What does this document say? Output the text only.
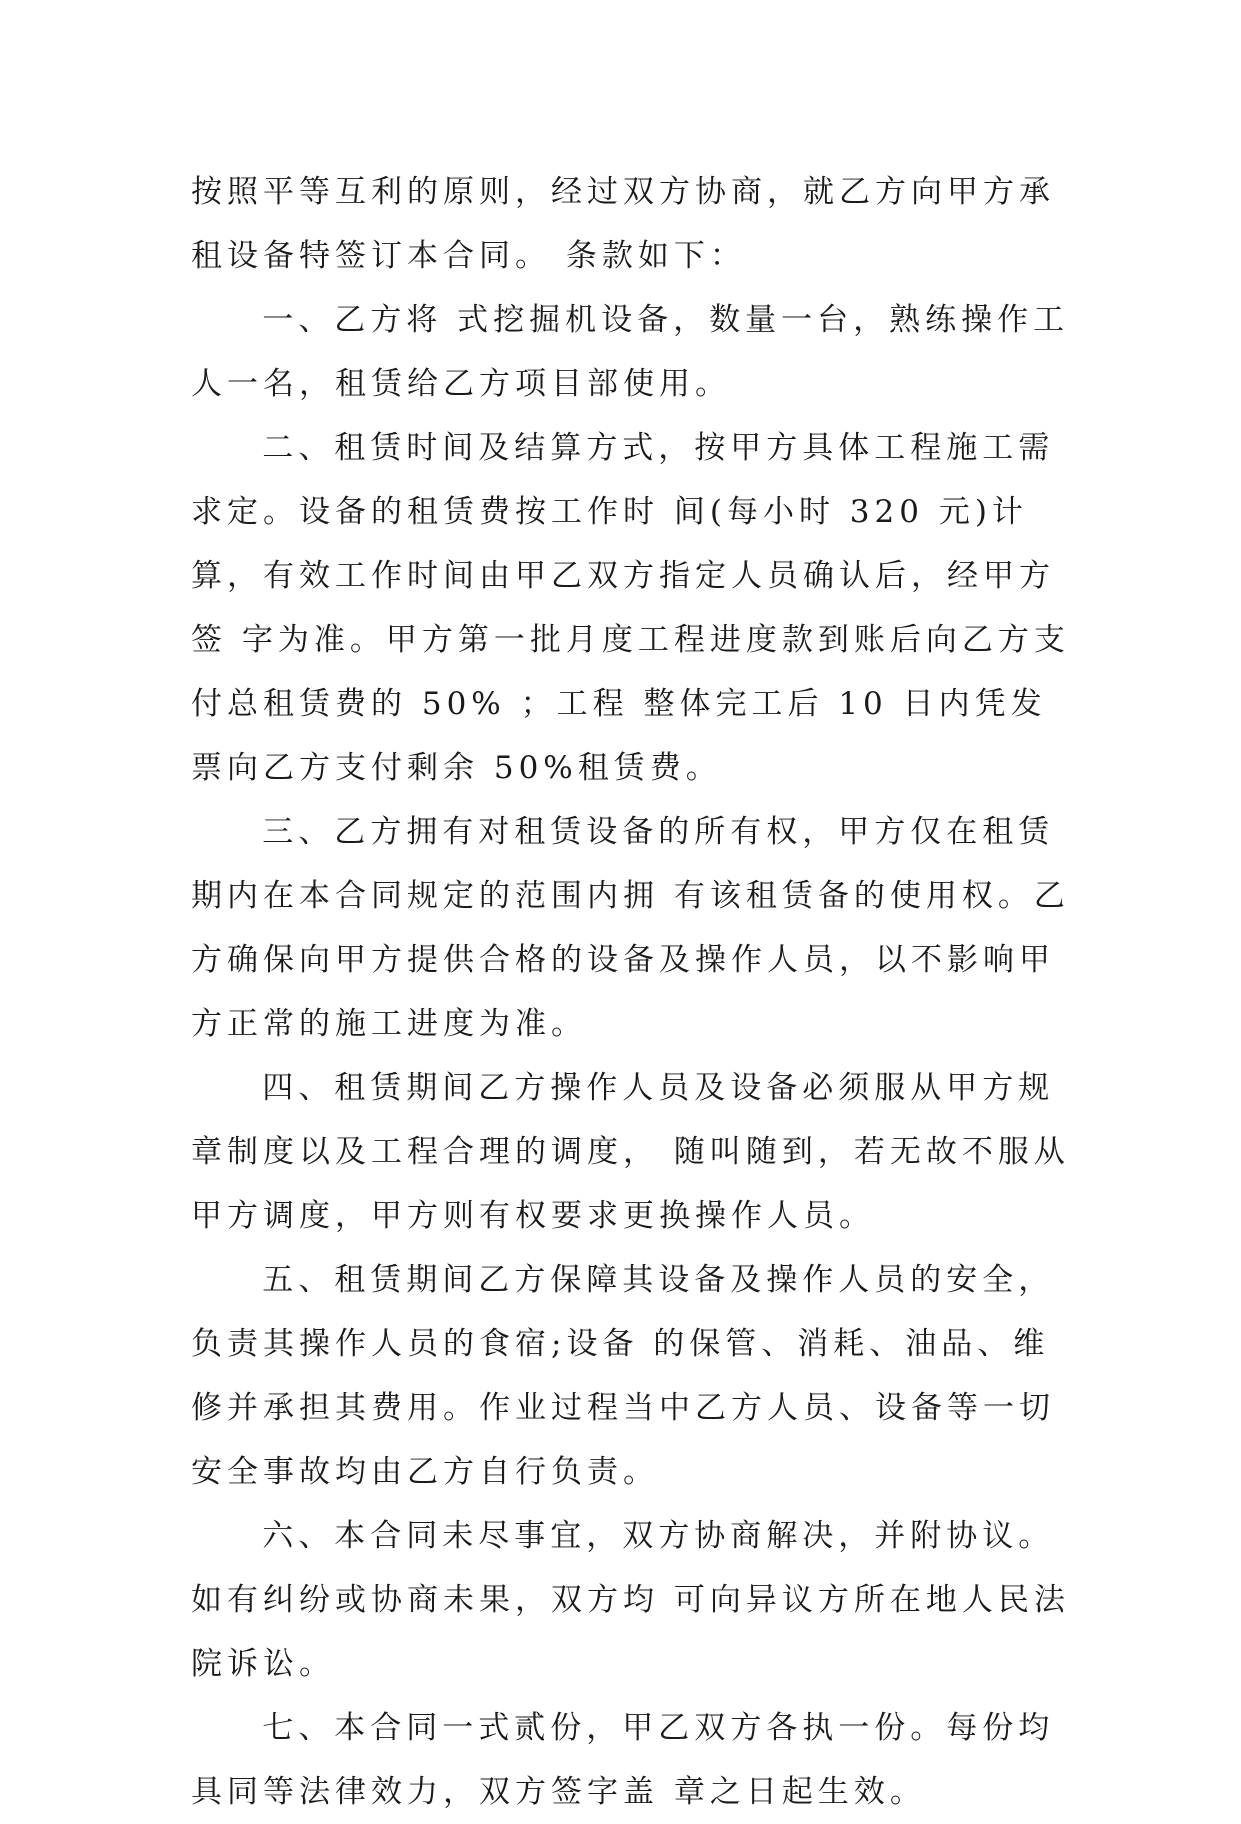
按照平等互利的原则，经过双方协商，就乙方向甲方承租设备特签订本合同。 条款如下：

一、乙方将 式挖掘机设备，数量一台，熟练操作工人一名，租赁给乙方项目部使用。

二、租赁时间及结算方式，按甲方具体工程施工需求定。设备的租赁费按工作时 间(每小时 320 元)计算，有效工作时间由甲乙双方指定人员确认后，经甲方签 字为准。甲方第一批月度工程进度款到账后向乙方支付总租赁费的 50% ；工程 整体完工后 10 日内凭发票向乙方支付剩余 50%租赁费。

三、乙方拥有对租赁设备的所有权，甲方仅在租赁期内在本合同规定的范围内拥 有该租赁备的使用权。乙方确保向甲方提供合格的设备及操作人员，以不影响甲 方正常的施工进度为准。

四、租赁期间乙方操作人员及设备必须服从甲方规章制度以及工程合理的调度， 随叫随到，若无故不服从甲方调度，甲方则有权要求更换操作人员。

五、租赁期间乙方保障其设备及操作人员的安全，负责其操作人员的食宿;设备 的保管、消耗、油品、维修并承担其费用。作业过程当中乙方人员、设备等一切 安全事故均由乙方自行负责。

六、本合同未尽事宜，双方协商解决，并附协议。如有纠纷或协商未果，双方均 可向异议方所在地人民法院诉讼。

七、本合同一式贰份，甲乙双方各执一份。每份均具同等法律效力，双方签字盖 章之日起生效。
